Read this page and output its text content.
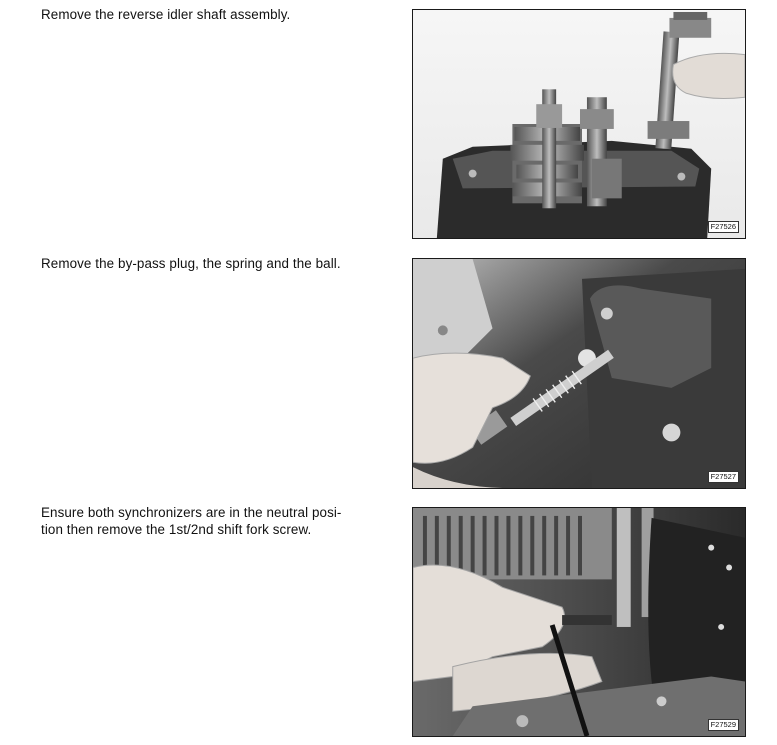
Remove the reverse idler shaft assembly.
F27526
Remove the by-pass plug, the spring and the ball.
F27527
Ensure both synchronizers are in the neutral posi-
tion then remove the 1st/2nd shift fork screw.
F27529
